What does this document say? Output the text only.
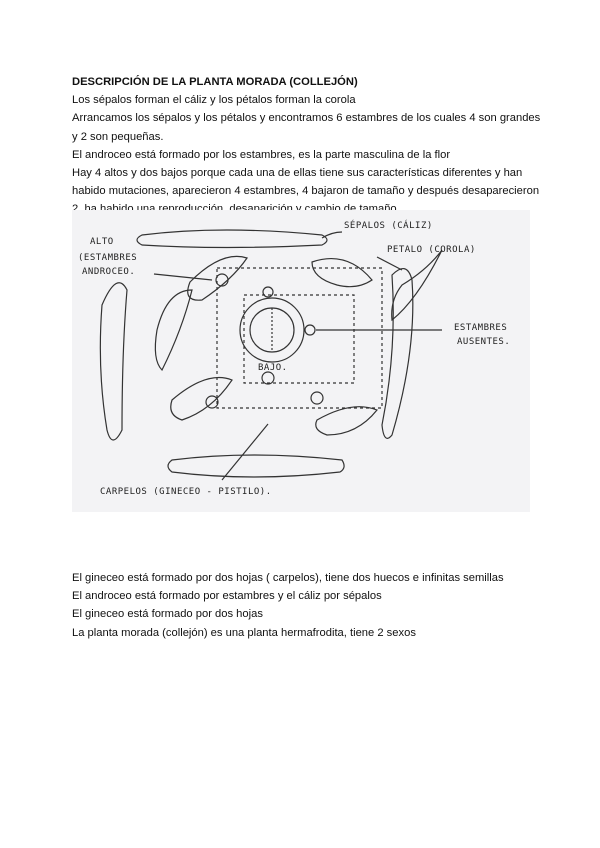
DESCRIPCIÓN DE LA PLANTA MORADA (COLLEJÓN)
Los sépalos forman el cáliz y los pétalos forman la corola
Arrancamos los sépalos y los pétalos y encontramos 6 estambres de los cuales 4 son grandes y 2 son pequeñas.
El androceo está formado por los estambres, es la parte masculina de la flor
Hay 4 altos y dos bajos porque cada una de ellas tiene sus características diferentes y han habido mutaciones, aparecieron 4 estambres, 4 bajaron de tamaño y después desaparecieron
ALTO
(ESTAMBRES
ANDROCEO.
SÉPALOS (CÁLIZ)
PETALO (COROLA)
ESTAMBRES
AUSENTES.
BAJO.
CARPELOS (GINECEO - PISTILO).
El gineceo está formado por dos hojas ( carpelos), tiene dos huecos e infinitas semillas
El androceo está formado por estambres y el cáliz por sépalos
El gineceo está formado por dos hojas
La planta morada (collejón) es una planta hermafrodita, tiene 2 sexos
